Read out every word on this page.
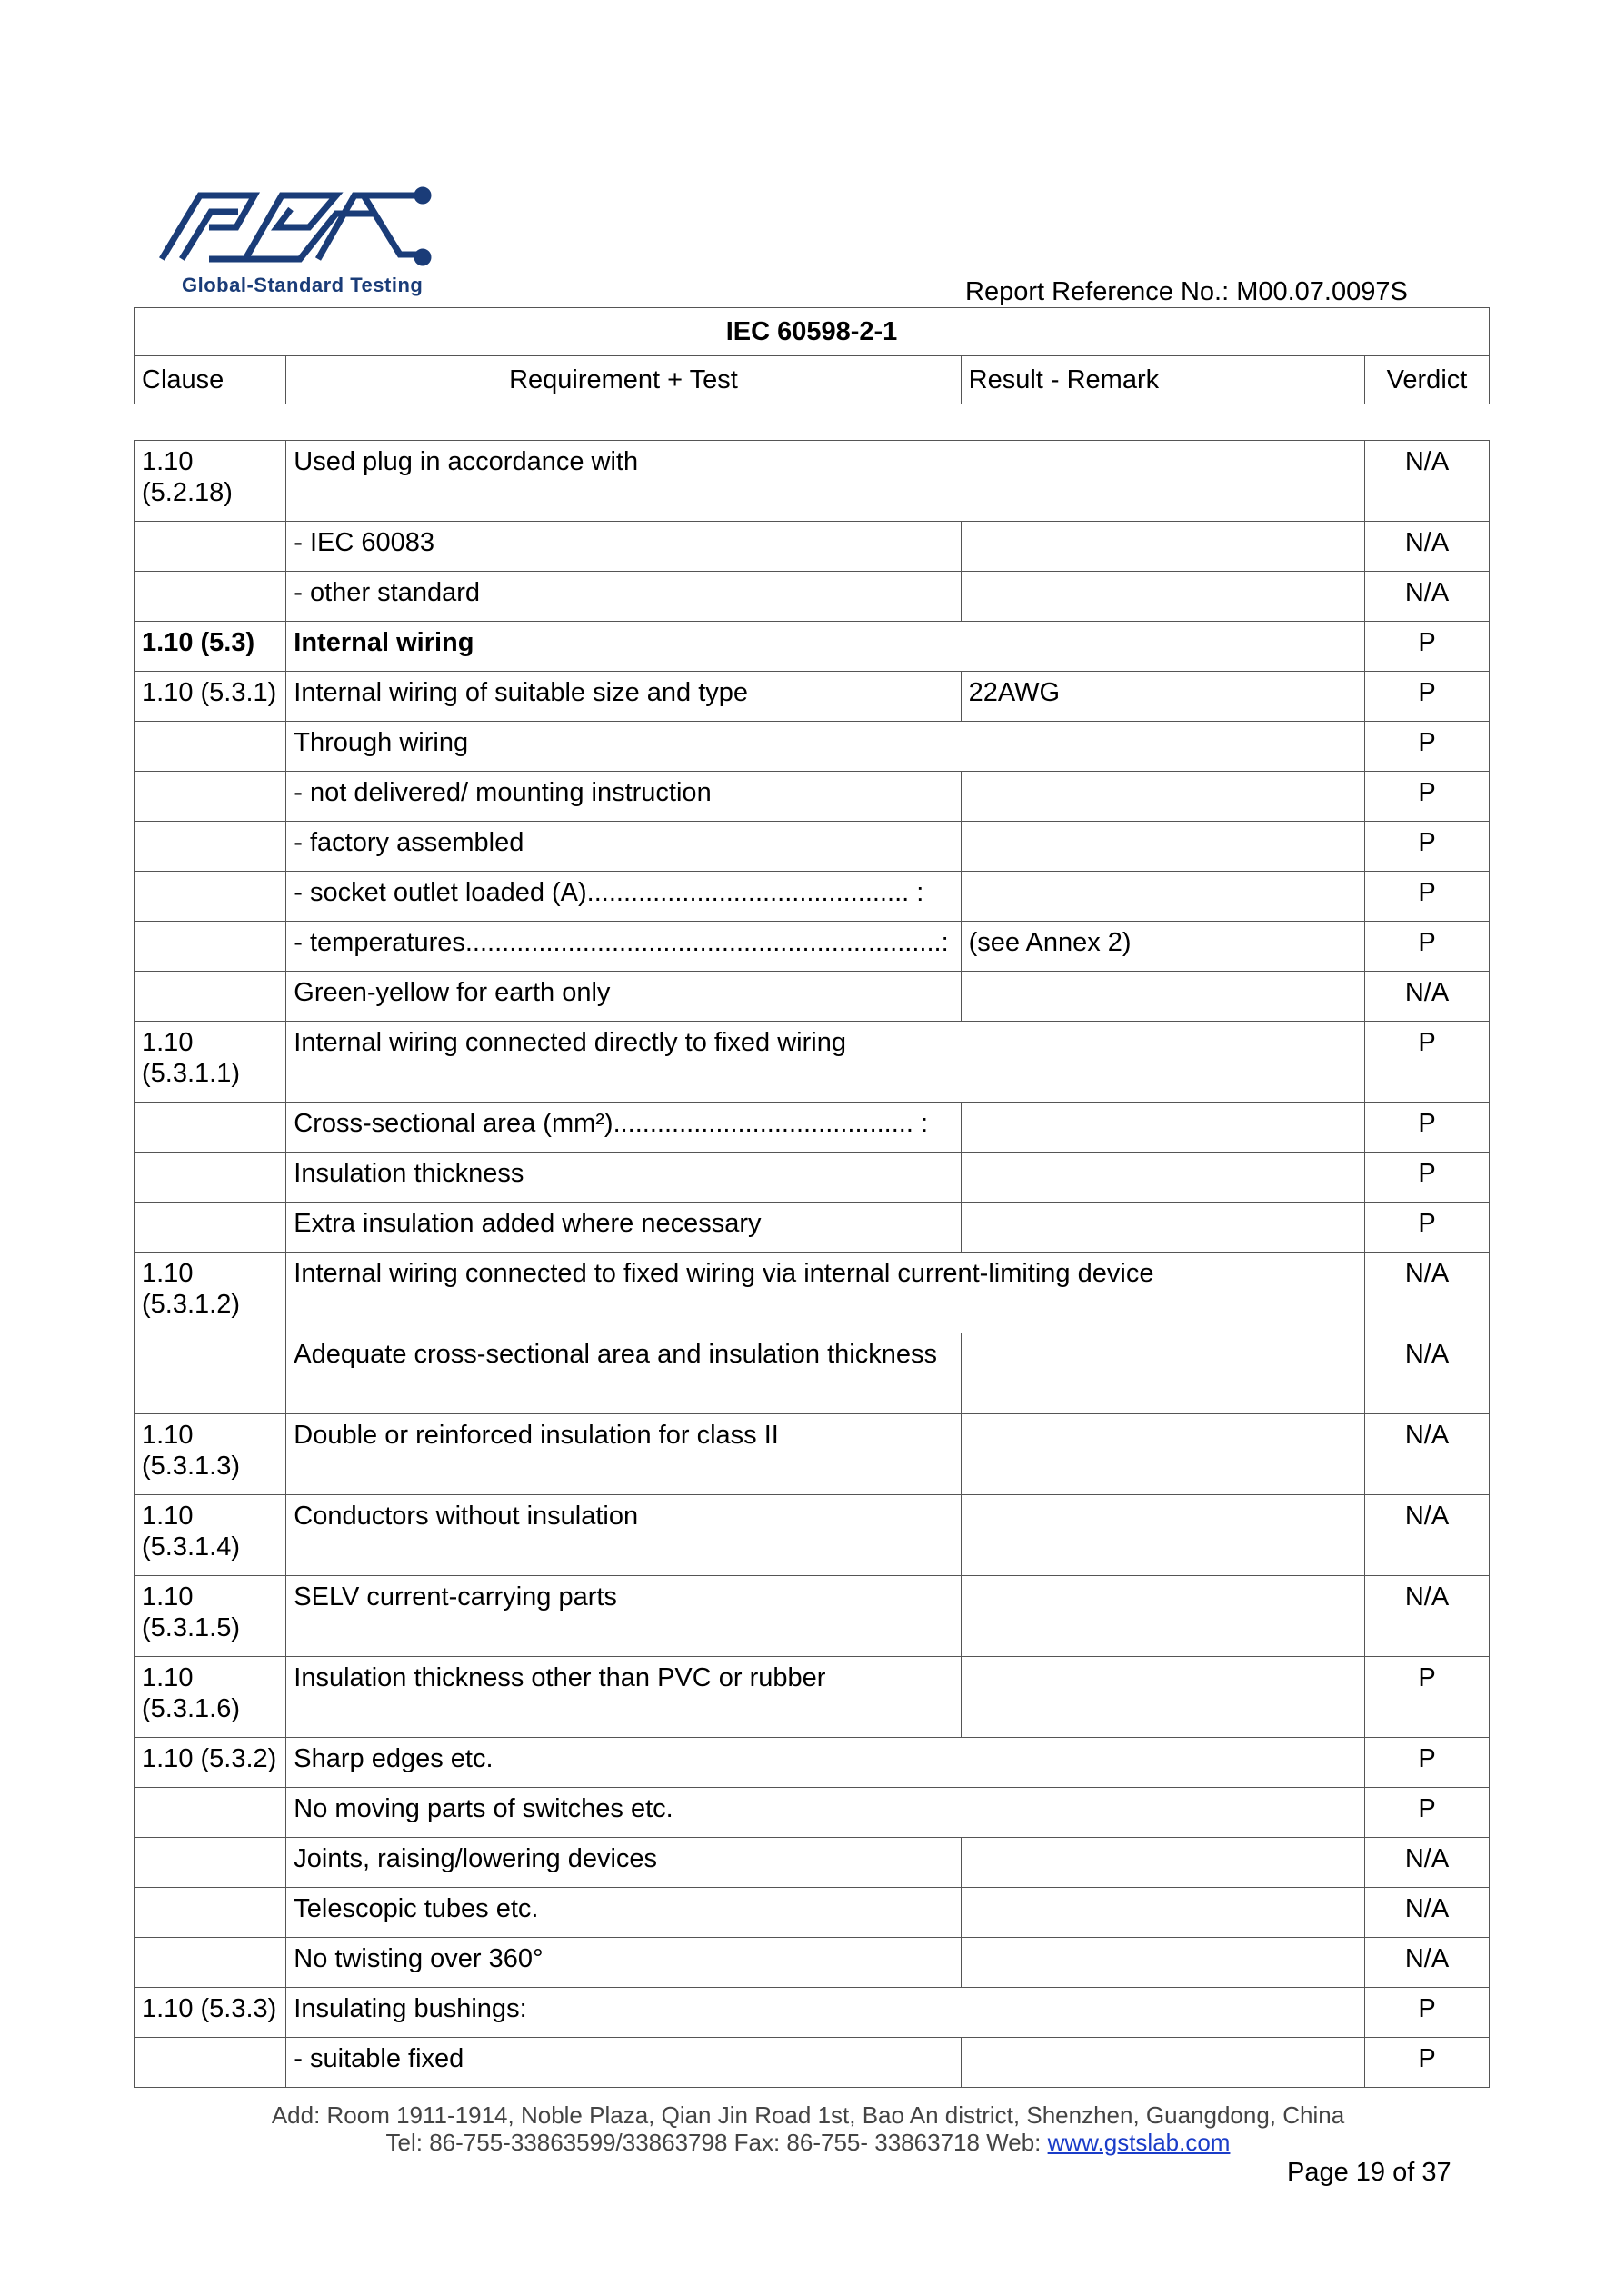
Global-Standard Testing	Report Reference No.: M00.07.0097S
IEC 60598-2-1
Clause	Requirement + Test	Result - Remark	Verdict
1.10
(5.2.18)	Used plug in accordance with		N/A
	- IEC 60083		N/A
	- other standard		N/A
1.10 (5.3)	Internal wiring		P
1.10 (5.3.1)	Internal wiring of suitable size and type	22AWG	P
	Through wiring		P
	- not delivered/ mounting instruction		P
	- factory assembled		P
	- socket outlet loaded (A)............................................ :		P
	- temperatures.................................................................:	(see Annex 2)	P
	Green-yellow for earth only		N/A
1.10
(5.3.1.1)	Internal wiring connected directly to fixed wiring		P
	Cross-sectional area (mm²)......................................... :		P
	Insulation thickness		P
	Extra insulation added where necessary		P
1.10
(5.3.1.2)	Internal wiring connected to fixed wiring via internal current-limiting device		N/A
	Adequate cross-sectional area and insulation thickness		N/A
1.10
(5.3.1.3)	Double or reinforced insulation for class II		N/A
1.10
(5.3.1.4)	Conductors without insulation		N/A
1.10
(5.3.1.5)	SELV current-carrying parts		N/A
1.10
(5.3.1.6)	Insulation thickness other than PVC or rubber		P
1.10 (5.3.2)	Sharp edges etc.		P
	No moving parts of switches etc.		P
	Joints, raising/lowering devices		N/A
	Telescopic tubes etc.		N/A
	No twisting over 360°		N/A
1.10 (5.3.3)	Insulating bushings:		P
	- suitable fixed		P
Add: Room 1911-1914, Noble Plaza, Qian Jin Road 1st, Bao An district, Shenzhen, Guangdong, China
Tel: 86-755-33863599/33863798 Fax: 86-755- 33863718 Web: www.gstslab.com
Page 19 of 37
